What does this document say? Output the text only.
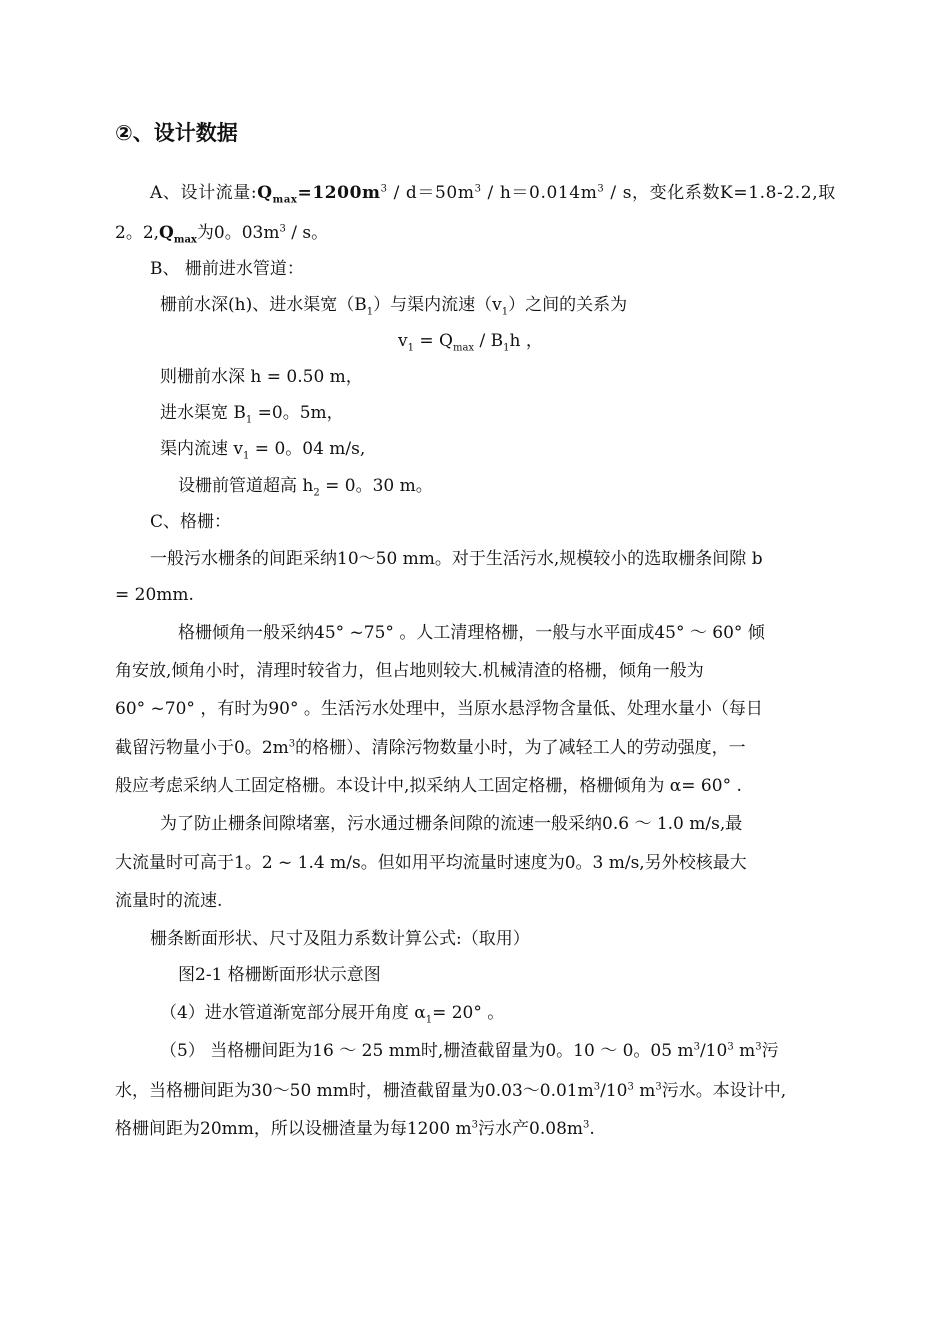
②、设计数据
A、设计流量$:Q_{max}=1200m^3 / d=50m^3 / h=0.014m^3 / s$，变化系数K=1.8-2.2,取
2。$2,Q_{max}$为0。$03m^3$ / s。
B、 栅前进水管道：
栅前水深(h)、进水渠宽$(B_1)$与渠内流速$(v_1)$之间的关系为
$v_1 = Q_{max} / B_1h$ ，
则栅前水深 h = 0.50 m，
进水渠宽 $B_1 =0$。5m，
渠内流速 $v_1 = 0$。04 m/s,
设栅前管道超高 $h_2 = 0$。30 m。
C、格栅：
一般污水栅条的间距采纳10～50 mm。对于生活污水,规模较小的选取栅条间隙 b
= 20mm.
格栅倾角一般采纳45° ~75° 。人工清理格栅，一般与水平面成45° ～ 60° 倾
角安放,倾角小时，清理时较省力，但占地则较大.机械清渣的格栅，倾角一般为
60° ~70° ，有时为90° 。生活污水处理中，当原水悬浮物含量低、处理水量小（每日
截留污物量小于0。$2m^3$的格栅）、清除污物数量小时，为了减轻工人的劳动强度，一
般应考虑采纳人工固定格栅。本设计中,拟采纳人工固定格栅，格栅倾角为 α= 60° .
为了防止栅条间隙堵塞，污水通过栅条间隙的流速一般采纳0.6 ～ 1.0 m/s,最
大流量时可高于1。2 ~ 1.4 m/s。但如用平均流量时速度为0。3 m/s,另外校核最大
流量时的流速.
栅条断面形状、尺寸及阻力系数计算公式:（取用）
图2-1 格栅断面形状示意图
（4）进水管道渐宽部分展开角度 $\alpha_1= 20^\circ$ 。
（5） 当格栅间距为16 ～ 25 mm时,栅渣截留量为0。10 ～ 0。05 $m^3/10^3$ $m^3$污
水，当格栅间距为30～50 mm时，栅渣截留量为$0.03\sim 0.01m^3/10^3$ $m^3$污水。本设计中,
格栅间距为20mm，所以设栅渣量为每1200 $m^3$污水产$0.08m^3$.
